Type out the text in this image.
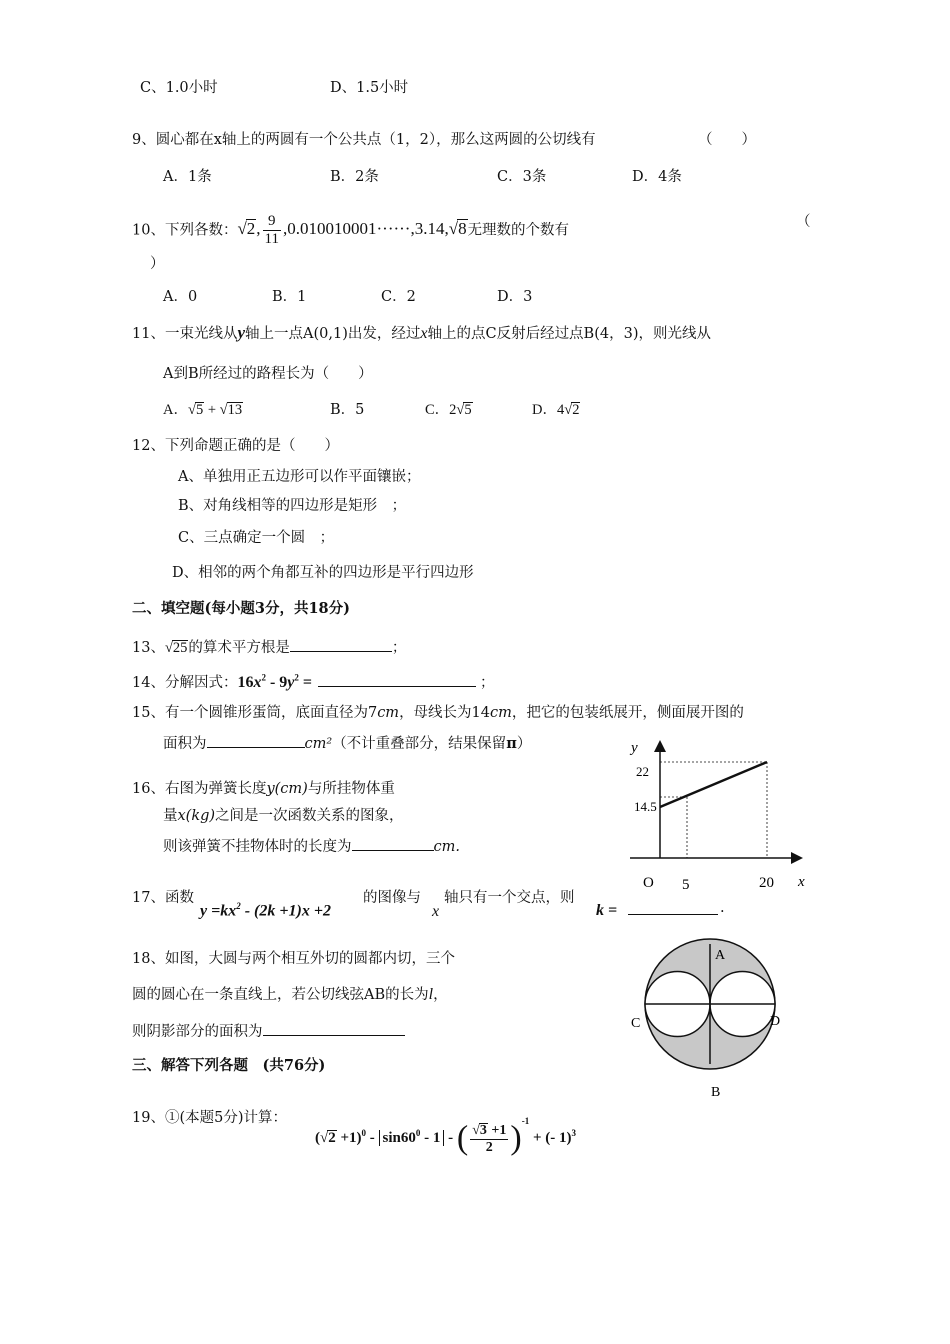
C、1.0小时	D、1.5小时
9、圆心都在x轴上的两圆有一个公共点（1，2），那么这两圆的公切线有	（　　）
A．1条	B．2条	C．3条	D．4条
10、下列各数：√2, $\frac{9}{11} ,0.010010001\cdot\cdot\cdot\cdot\cdot\cdot,3.14,√8$无理数的个数有
（
）
A．0	B．1	C．2	D．3
11、一束光线从y轴上一点A(0,1)出发，经过x轴上的点C反射后经过点B(4，3)，则光线从
A到B所经过的路程长为（　　）
A．√5 + √13	B．5	C．2√5	D．4√2
12、下列命题正确的是（　　）
A、单独用正五边形可以作平面镶嵌；
B、对角线相等的四边形是矩形　；
C、三点确定一个圆　；
D、相邻的两个角都互补的四边形是平行四边形
二、填空题(每小题3分，共18分)
13、√25的算术平方根是	；
14、分解因式：$16x^2 - 9y^2$ =	；
15、有一个圆锥形蛋筒，底面直径为7cm，母线长为14cm，把它的包装纸展开，侧面展开图的
面积为	cm²（不计重叠部分，结果保留π）
16、右图为弹簧长度y(cm)与所挂物体重
量x(kg)之间是一次函数关系的图象，
则该弹簧不挂物体时的长度为	cm.
y
x
O
22
14.5
5	20
17、函数
$y =kx^2 - (2k +1)x +2$
的图像与
x
轴只有一个交点，则
k =	.
18、如图，大圆与两个相互外切的圆都内切，三个
圆的圆心在一条直线上，若公切线弦AB的长为l，
则阴影部分的面积为
A
C	D
B
三、解答下列各题　(共76分)
19、①(本题5分)计算：
$(√2 +1)^0 - \sin 60^0 - 1$ - ( $\frac{√3 +1}{2} )^{-1}$ + (- 1)$^3$
